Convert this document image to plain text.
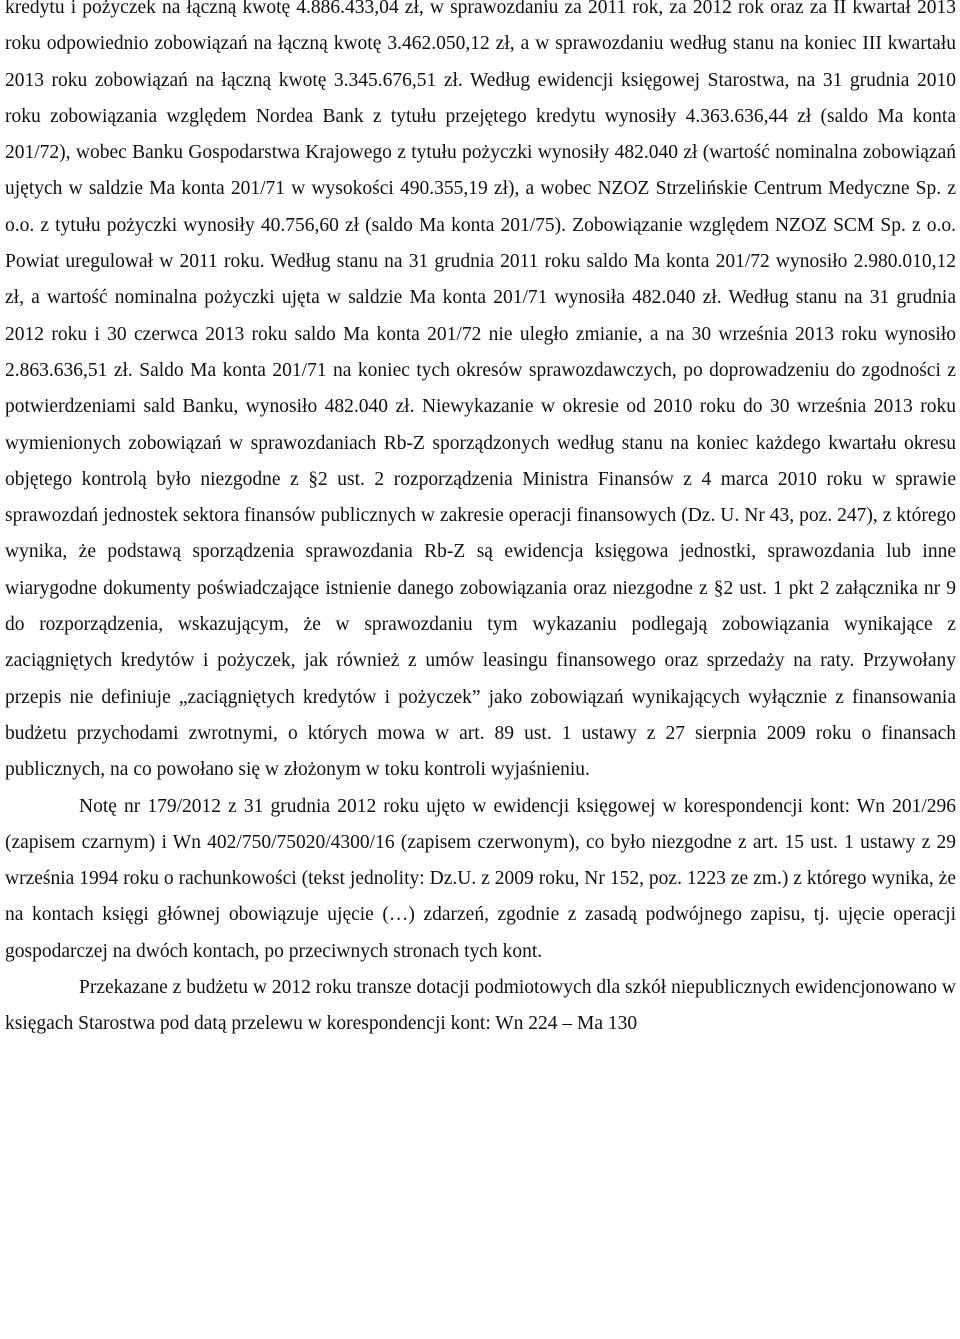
kredytu i pożyczek na łączną kwotę 4.886.433,04 zł, w sprawozdaniu za 2011 rok, za 2012 rok oraz za II kwartał 2013 roku odpowiednio zobowiązań na łączną kwotę 3.462.050,12 zł, a w sprawozdaniu według stanu na koniec III kwartału 2013 roku zobowiązań na łączną kwotę 3.345.676,51 zł. Według ewidencji księgowej Starostwa, na 31 grudnia 2010 roku zobowiązania względem Nordea Bank z tytułu przejętego kredytu wynosiły 4.363.636,44 zł (saldo Ma konta 201/72), wobec Banku Gospodarstwa Krajowego z tytułu pożyczki wynosiły 482.040 zł (wartość nominalna zobowiązań ujętych w saldzie Ma konta 201/71 w wysokości 490.355,19 zł), a wobec NZOZ Strzelińskie Centrum Medyczne Sp. z o.o. z tytułu pożyczki wynosiły 40.756,60 zł (saldo Ma konta 201/75). Zobowiązanie względem NZOZ SCM Sp. z o.o. Powiat uregulował w 2011 roku. Według stanu na 31 grudnia 2011 roku saldo Ma konta 201/72 wynosiło 2.980.010,12 zł, a wartość nominalna pożyczki ujęta w saldzie Ma konta 201/71 wynosiła 482.040 zł. Według stanu na 31 grudnia 2012 roku i 30 czerwca 2013 roku saldo Ma konta 201/72 nie uległo zmianie, a na 30 września 2013 roku wynosiło 2.863.636,51 zł. Saldo Ma konta 201/71 na koniec tych okresów sprawozdawczych, po doprowadzeniu do zgodności z potwierdzeniami sald Banku, wynosiło 482.040 zł. Niewykazanie w okresie od 2010 roku do 30 września 2013 roku wymienionych zobowiązań w sprawozdaniach Rb-Z sporządzonych według stanu na koniec każdego kwartału okresu objętego kontrolą było niezgodne z §2 ust. 2 rozporządzenia Ministra Finansów z 4 marca 2010 roku w sprawie sprawozdań jednostek sektora finansów publicznych w zakresie operacji finansowych (Dz. U. Nr 43, poz. 247), z którego wynika, że podstawą sporządzenia sprawozdania Rb-Z są ewidencja księgowa jednostki, sprawozdania lub inne wiarygodne dokumenty poświadczające istnienie danego zobowiązania oraz niezgodne z §2 ust. 1 pkt 2 załącznika nr 9 do rozporządzenia, wskazującym, że w sprawozdaniu tym wykazaniu podlegają zobowiązania wynikające z zaciągniętych kredytów i pożyczek, jak również z umów leasingu finansowego oraz sprzedaży na raty. Przywołany przepis nie definiuje „zaciągniętych kredytów i pożyczek” jako zobowiązań wynikających wyłącznie z finansowania budżetu przychodami zwrotnymi, o których mowa w art. 89 ust. 1 ustawy z 27 sierpnia 2009 roku o finansach publicznych, na co powołano się w złożonym w toku kontroli wyjaśnieniu.

Notę nr 179/2012 z 31 grudnia 2012 roku ujęto w ewidencji księgowej w korespondencji kont: Wn 201/296 (zapisem czarnym) i Wn 402/750/75020/4300/16 (zapisem czerwonym), co było niezgodne z art. 15 ust. 1 ustawy z 29 września 1994 roku o rachunkowości (tekst jednolity: Dz.U. z 2009 roku, Nr 152, poz. 1223 ze zm.) z którego wynika, że na kontach księgi głównej obowiązuje ujęcie (…) zdarzeń, zgodnie z zasadą podwójnego zapisu, tj. ujęcie operacji gospodarczej na dwóch kontach, po przeciwnych stronach tych kont.

Przekazane z budżetu w 2012 roku transze dotacji podmiotowych dla szkół niepublicznych ewidencjonowano w księgach Starostwa pod datą przelewu w korespondencji kont: Wn 224 – Ma 130
